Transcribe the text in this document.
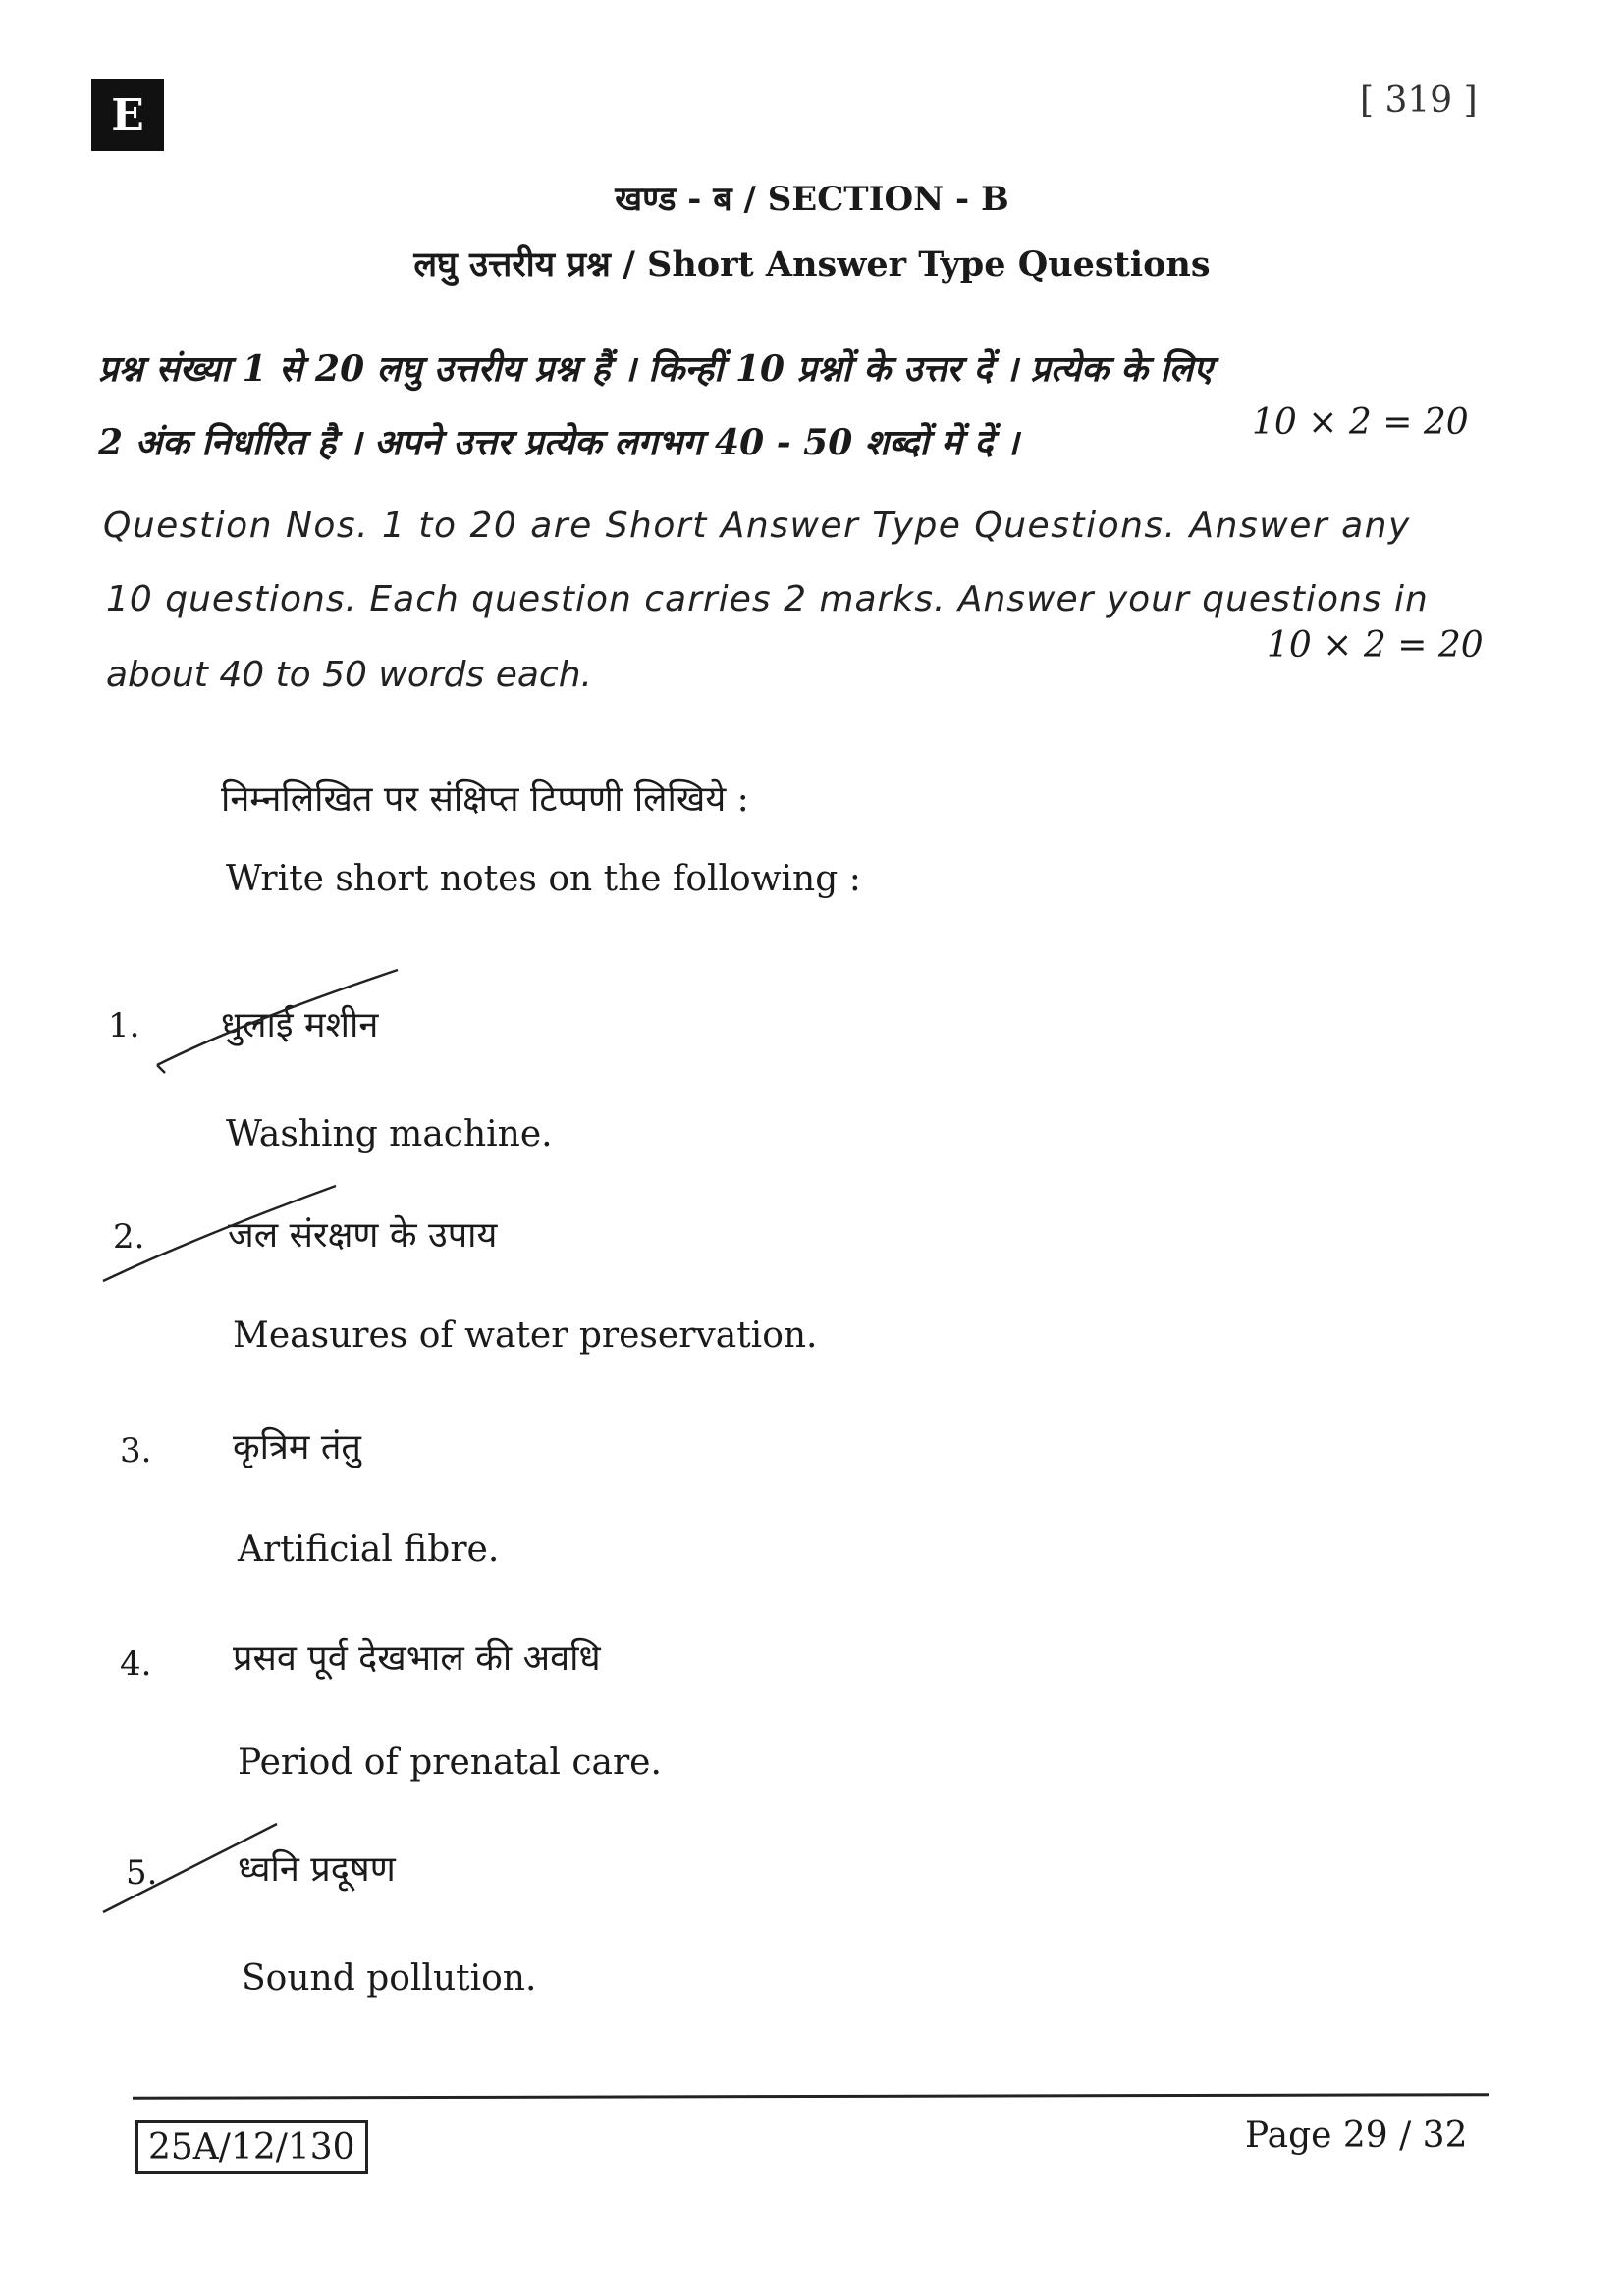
E	[ 319 ]
खण्ड - ब / SECTION - B
लघु उत्तरीय प्रश्न / Short Answer Type Questions
प्रश्न संख्या 1 से 20 लघु उत्तरीय प्रश्न हैं । किन्हीं 10 प्रश्नों के उत्तर दें । प्रत्येक के लिए
2 अंक निर्धारित है । अपने उत्तर प्रत्येक लगभग 40 - 50 शब्दों में दें ।	10 × 2 = 20
Question Nos. 1 to 20 are Short Answer Type Questions. Answer any
10 questions. Each question carries 2 marks. Answer your questions in
10 × 2 = 20
about 40 to 50 words each.
निम्नलिखित पर संक्षिप्त टिप्पणी लिखिये :
Write short notes on the following :
1. धुलाई मशीन
Washing machine.
2. जल संरक्षण के उपाय
Measures of water preservation.
3. कृत्रिम तंतु
Artificial fibre.
4. प्रसव पूर्व देखभाल की अवधि
Period of prenatal care.
5. ध्वनि प्रदूषण
Sound pollution.
25A/12/130	Page 29 / 32
